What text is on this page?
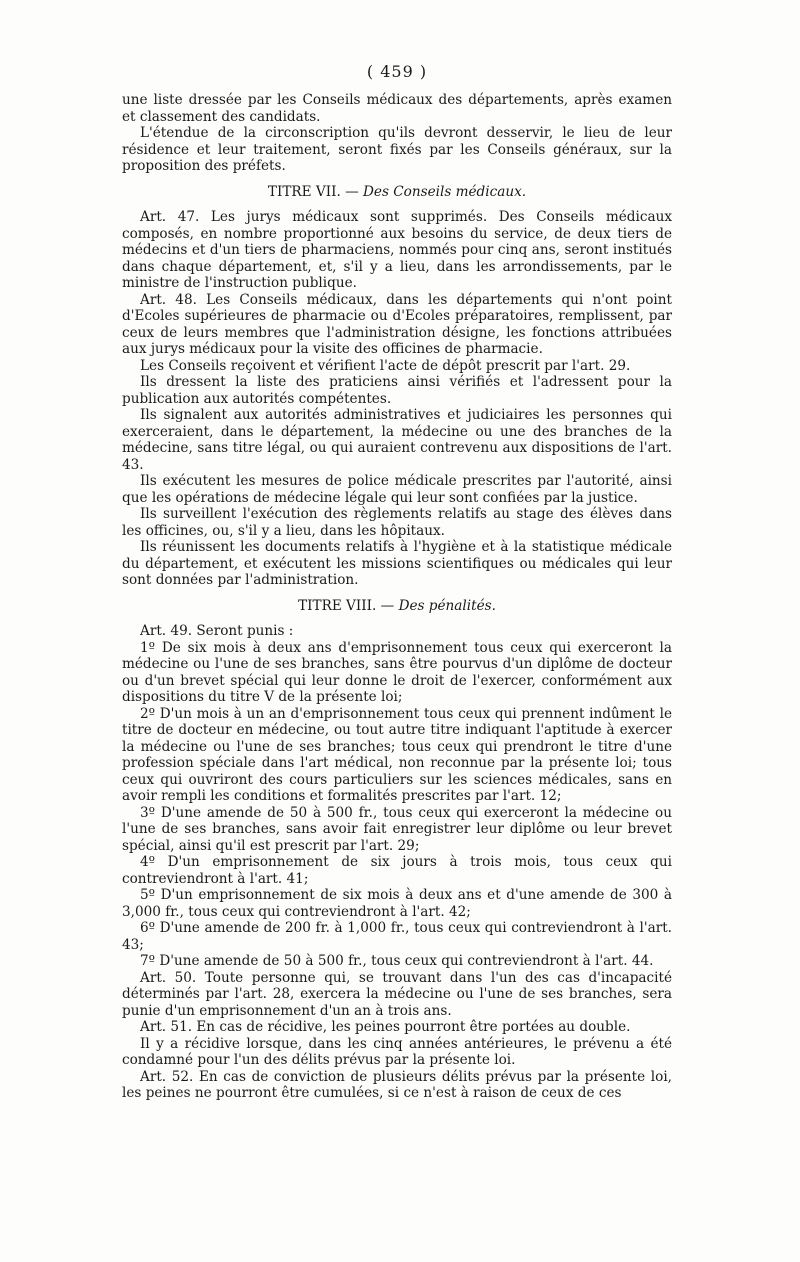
( 459 )

une liste dressée par les Conseils médicaux des départements, après examen et classement des candidats.

L'étendue de la circonscription qu'ils devront desservir, le lieu de leur résidence et leur traitement, seront fixés par les Conseils généraux, sur la proposition des préfets.

TITRE VII. — Des Conseils médicaux.

Art. 47. Les jurys médicaux sont supprimés. Des Conseils médicaux composés, en nombre proportionné aux besoins du service, de deux tiers de médecins et d'un tiers de pharmaciens, nommés pour cinq ans, seront institués dans chaque département, et, s'il y a lieu, dans les arrondissements, par le ministre de l'instruction publique.

Art. 48. Les Conseils médicaux, dans les départements qui n'ont point d'Ecoles supérieures de pharmacie ou d'Ecoles préparatoires, remplissent, par ceux de leurs membres que l'administration désigne, les fonctions attribuées aux jurys médicaux pour la visite des officines de pharmacie.

Les Conseils reçoivent et vérifient l'acte de dépôt prescrit par l'art. 29.

Ils dressent la liste des praticiens ainsi vérifiés et l'adressent pour la publication aux autorités compétentes.

Ils signalent aux autorités administratives et judiciaires les personnes qui exerceraient, dans le département, la médecine ou une des branches de la médecine, sans titre légal, ou qui auraient contrevenu aux dispositions de l'art. 43.

Ils exécutent les mesures de police médicale prescrites par l'autorité, ainsi que les opérations de médecine légale qui leur sont confiées par la justice.

Ils surveillent l'exécution des règlements relatifs au stage des élèves dans les officines, ou, s'il y a lieu, dans les hôpitaux.

Ils réunissent les documents relatifs à l'hygiène et à la statistique médicale du département, et exécutent les missions scientifiques ou médicales qui leur sont données par l'administration.

TITRE VIII. — Des pénalités.

Art. 49. Seront punis :

1º De six mois à deux ans d'emprisonnement tous ceux qui exerceront la médecine ou l'une de ses branches, sans être pourvus d'un diplôme de docteur ou d'un brevet spécial qui leur donne le droit de l'exercer, conformément aux dispositions du titre V de la présente loi;

2º D'un mois à un an d'emprisonnement tous ceux qui prennent indûment le titre de docteur en médecine, ou tout autre titre indiquant l'aptitude à exercer la médecine ou l'une de ses branches; tous ceux qui prendront le titre d'une profession spéciale dans l'art médical, non reconnue par la présente loi; tous ceux qui ouvriront des cours particuliers sur les sciences médicales, sans en avoir rempli les conditions et formalités prescrites par l'art. 12;

3º D'une amende de 50 à 500 fr., tous ceux qui exerceront la médecine ou l'une de ses branches, sans avoir fait enregistrer leur diplôme ou leur brevet spécial, ainsi qu'il est prescrit par l'art. 29;

4º D'un emprisonnement de six jours à trois mois, tous ceux qui contreviendront à l'art. 41;

5º D'un emprisonnement de six mois à deux ans et d'une amende de 300 à 3,000 fr., tous ceux qui contreviendront à l'art. 42;

6º D'une amende de 200 fr. à 1,000 fr., tous ceux qui contreviendront à l'art. 43;

7º D'une amende de 50 à 500 fr., tous ceux qui contreviendront à l'art. 44.

Art. 50. Toute personne qui, se trouvant dans l'un des cas d'incapacité déterminés par l'art. 28, exercera la médecine ou l'une de ses branches, sera punie d'un emprisonnement d'un an à trois ans.

Art. 51. En cas de récidive, les peines pourront être portées au double.

Il y a récidive lorsque, dans les cinq années antérieures, le prévenu a été condamné pour l'un des délits prévus par la présente loi.

Art. 52. En cas de conviction de plusieurs délits prévus par la présente loi, les peines ne pourront être cumulées, si ce n'est à raison de ceux de ces
